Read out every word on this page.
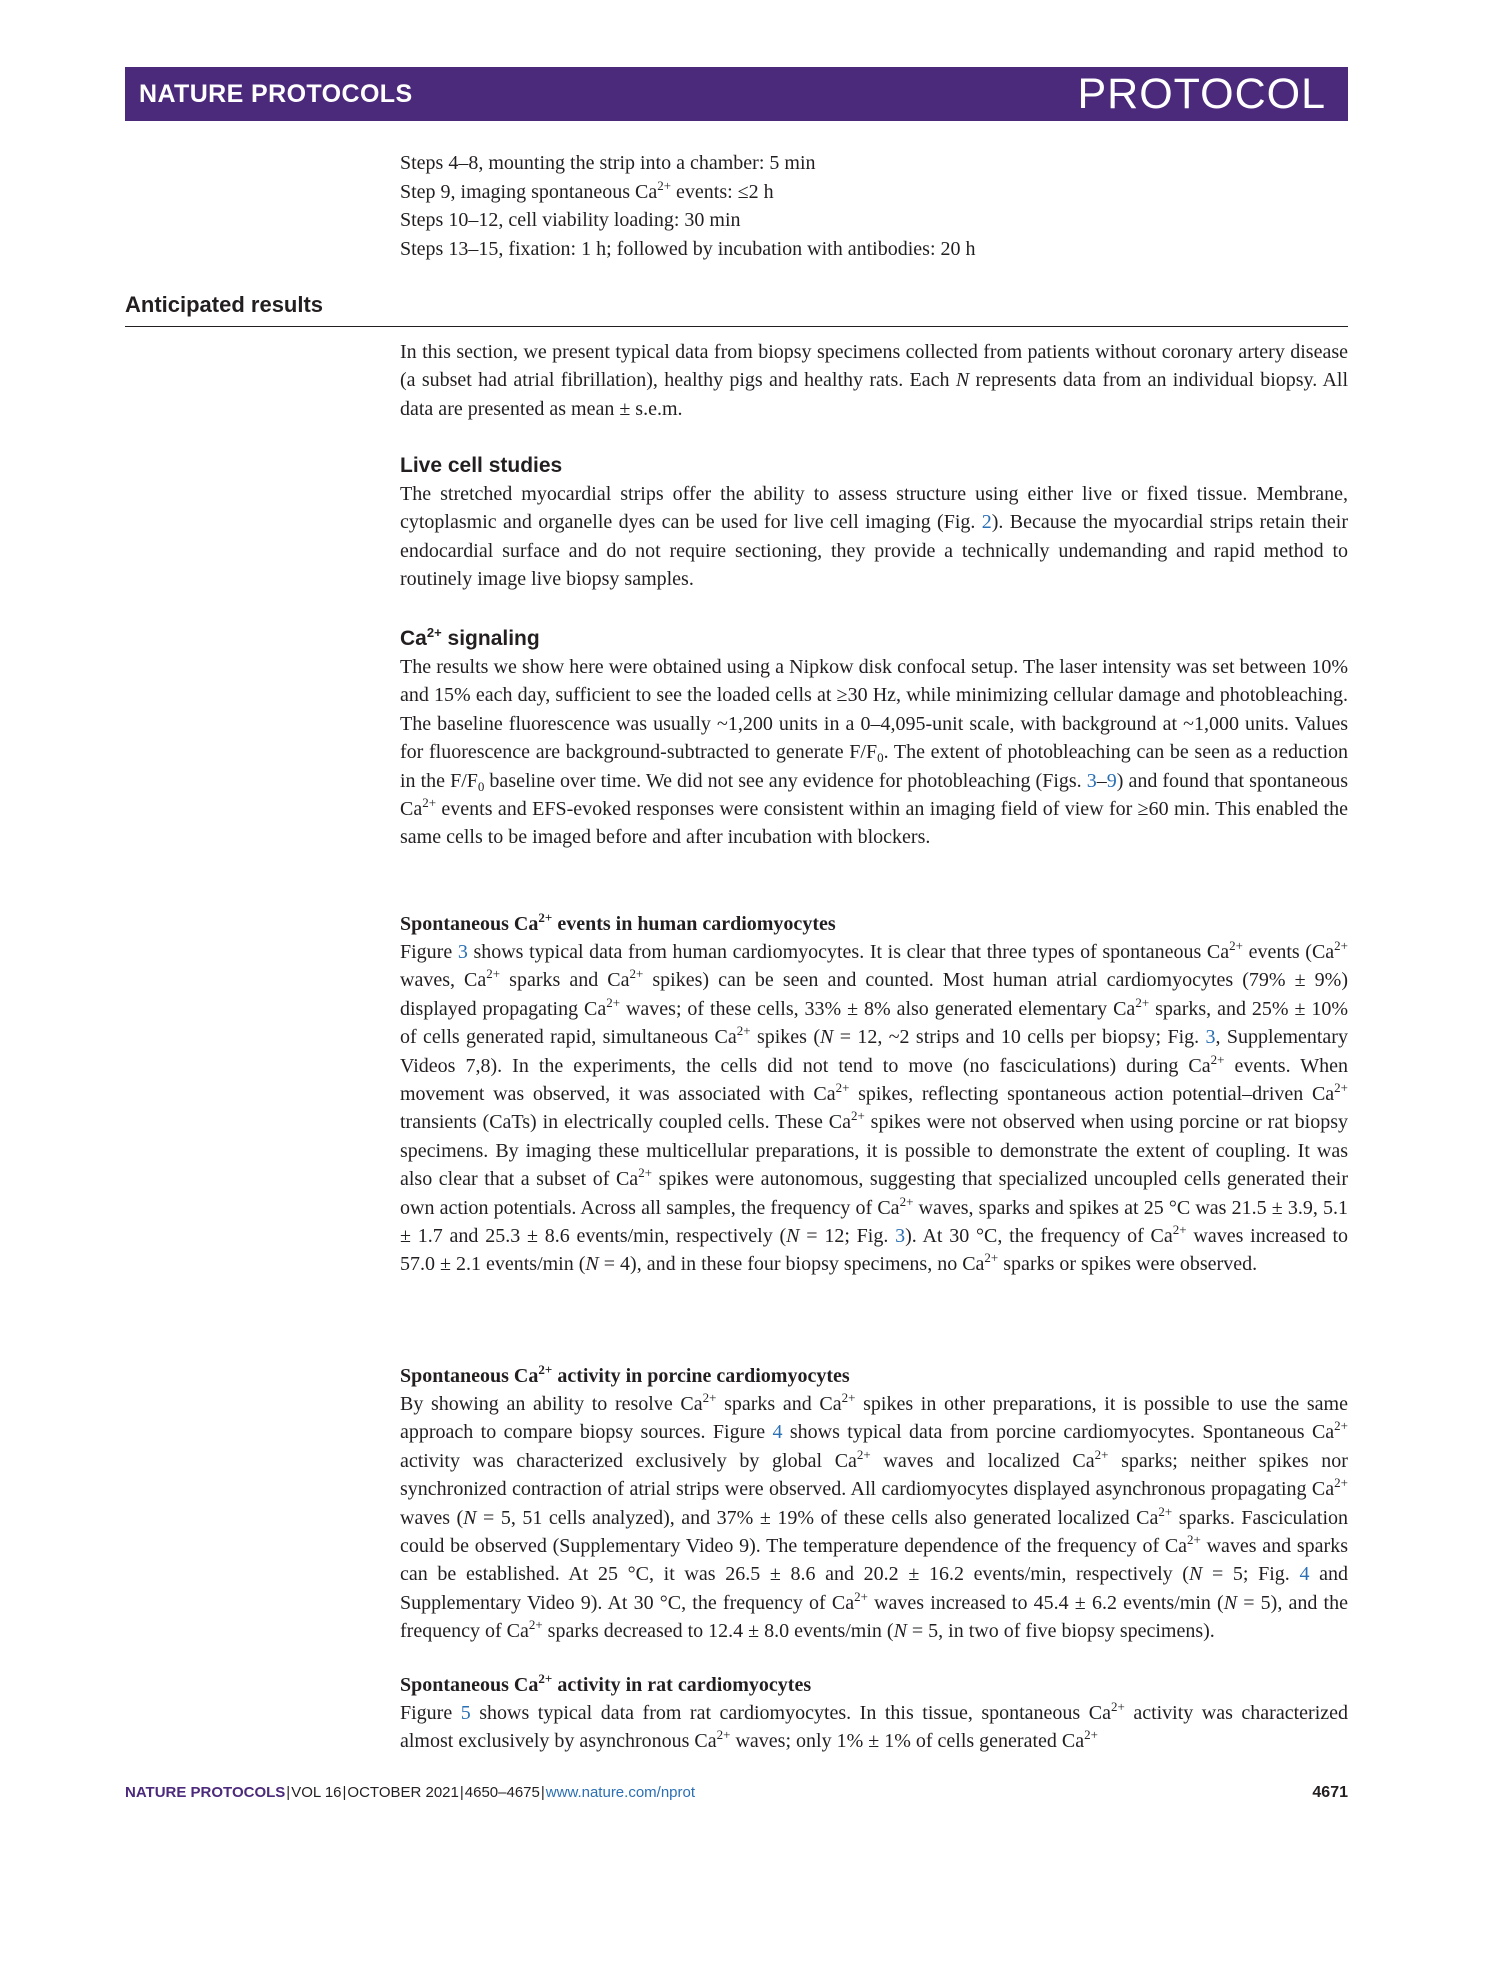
NATURE PROTOCOLS	PROTOCOL
Steps 4–8, mounting the strip into a chamber: 5 min
Step 9, imaging spontaneous $Ca^{2+}$ events: ≤2 h
Steps 10–12, cell viability loading: 30 min
Steps 13–15, fixation: 1 h; followed by incubation with antibodies: 20 h
Anticipated results

In this section, we present typical data from biopsy specimens collected from patients without coronary artery disease (a subset had atrial fibrillation), healthy pigs and healthy rats. Each N represents data from an individual biopsy. All data are presented as mean ± s.e.m.

Live cell studies

The stretched myocardial strips offer the ability to assess structure using either live or fixed tissue. Membrane, cytoplasmic and organelle dyes can be used for live cell imaging (Fig. 2). Because the myocardial strips retain their endocardial surface and do not require sectioning, they provide a technically undemanding and rapid method to routinely image live biopsy samples.

$Ca^{2+}$ signaling

The results we show here were obtained using a Nipkow disk confocal setup. The laser intensity was set between 10% and 15% each day, sufficient to see the loaded cells at ≥30 Hz, while minimizing cellular damage and photobleaching. The baseline fluorescence was usually ~1,200 units in a 0–4,095-unit scale, with background at ~1,000 units. Values for fluorescence are background-subtracted to generate $F/F_0$. The extent of photobleaching can be seen as a reduction in the $F/F_0$ baseline over time. We did not see any evidence for photobleaching (Figs. 3–9) and found that spontaneous $Ca^{2+}$ events and EFS-evoked responses were consistent within an imaging field of view for ≥60 min. This enabled the same cells to be imaged before and after incubation with blockers.

Spontaneous $Ca^{2+}$ events in human cardiomyocytes

Figure 3 shows typical data from human cardiomyocytes. It is clear that three types of spontaneous $Ca^{2+}$ events ($Ca^{2+}$ waves, $Ca^{2+}$ sparks and $Ca^{2+}$ spikes) can be seen and counted. Most human atrial cardiomyocytes (79% ± 9%) displayed propagating $Ca^{2+}$ waves; of these cells, 33% ± 8% also generated elementary $Ca^{2+}$ sparks, and 25% ± 10% of cells generated rapid, simultaneous $Ca^{2+}$ spikes (N = 12, ~2 strips and 10 cells per biopsy; Fig. 3, Supplementary Videos 7,8). In the experiments, the cells did not tend to move (no fasciculations) during $Ca^{2+}$ events. When movement was observed, it was associated with $Ca^{2+}$ spikes, reflecting spontaneous action potential–driven $Ca^{2+}$ transients (CaTs) in electrically coupled cells. These $Ca^{2+}$ spikes were not observed when using porcine or rat biopsy specimens. By imaging these multicellular preparations, it is possible to demonstrate the extent of coupling. It was also clear that a subset of $Ca^{2+}$ spikes were autonomous, suggesting that specialized uncoupled cells generated their own action potentials. Across all samples, the frequency of $Ca^{2+}$ waves, sparks and spikes at 25 °C was 21.5 ± 3.9, 5.1 ± 1.7 and 25.3 ± 8.6 events/min, respectively (N = 12; Fig. 3). At 30 °C, the frequency of $Ca^{2+}$ waves increased to 57.0 ± 2.1 events/min (N = 4), and in these four biopsy specimens, no $Ca^{2+}$ sparks or spikes were observed.

Spontaneous $Ca^{2+}$ activity in porcine cardiomyocytes

By showing an ability to resolve $Ca^{2+}$ sparks and $Ca^{2+}$ spikes in other preparations, it is possible to use the same approach to compare biopsy sources. Figure 4 shows typical data from porcine cardiomyocytes. Spontaneous $Ca^{2+}$ activity was characterized exclusively by global $Ca^{2+}$ waves and localized $Ca^{2+}$ sparks; neither spikes nor synchronized contraction of atrial strips were observed. All cardiomyocytes displayed asynchronous propagating $Ca^{2+}$ waves (N = 5, 51 cells analyzed), and 37% ± 19% of these cells also generated localized $Ca^{2+}$ sparks. Fasciculation could be observed (Supplementary Video 9). The temperature dependence of the frequency of $Ca^{2+}$ waves and sparks can be established. At 25 °C, it was 26.5 ± 8.6 and 20.2 ± 16.2 events/min, respectively (N = 5; Fig. 4 and Supplementary Video 9). At 30 °C, the frequency of $Ca^{2+}$ waves increased to 45.4 ± 6.2 events/min (N = 5), and the frequency of $Ca^{2+}$ sparks decreased to 12.4 ± 8.0 events/min (N = 5, in two of five biopsy specimens).

Spontaneous $Ca^{2+}$ activity in rat cardiomyocytes

Figure 5 shows typical data from rat cardiomyocytes. In this tissue, spontaneous $Ca^{2+}$ activity was characterized almost exclusively by asynchronous $Ca^{2+}$ waves; only 1% ± 1% of cells generated $Ca^{2+}$

NATURE PROTOCOLS|VOL 16|OCTOBER 2021|4650–4675|www.nature.com/nprot	4671
